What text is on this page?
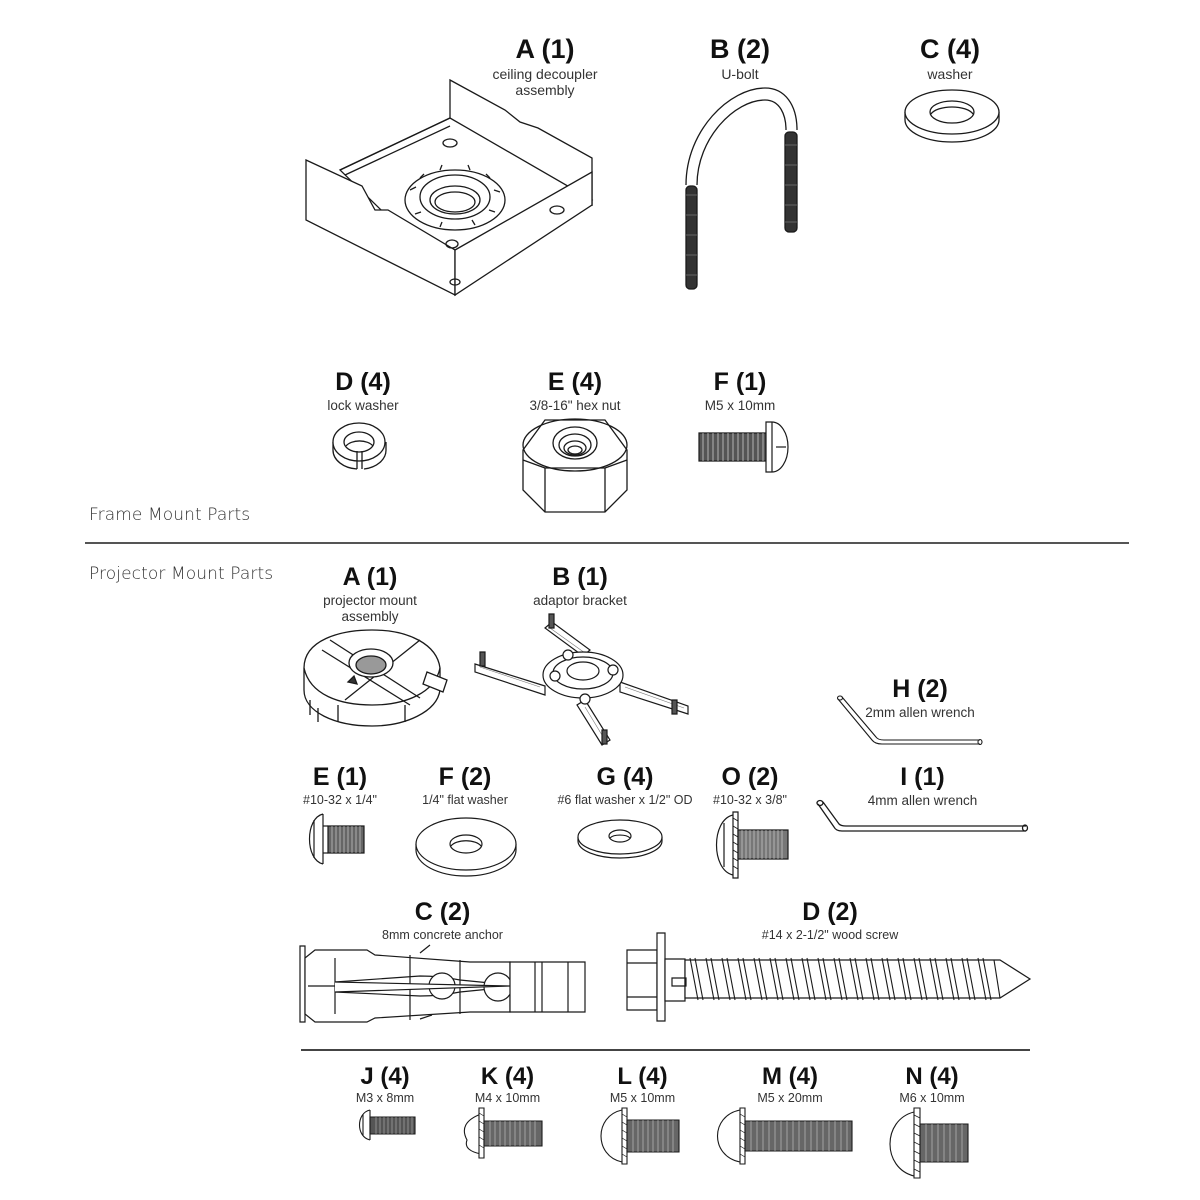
A (1)
ceiling decoupler
assembly
B (2)
U-bolt
C (4)
washer
D (4)
lock washer
E (4)
3/8-16" hex nut
F (1)
M5 x 10mm
Frame Mount Parts
Projector Mount Parts	A (1)
projector mount
assembly
B (1)
adaptor bracket
H (2)
2mm allen wrench
E (1)
#10-32 x 1/4"
F (2)
1/4" flat washer
G (4)
#6 flat washer x 1/2" OD
O (2)
#10-32 x 3/8"
I (1)
4mm allen wrench
C (2)
8mm concrete anchor
D (2)
#14 x 2-1/2" wood screw
J (4)
M3 x 8mm
K (4)
M4 x 10mm
L (4)
M5 x 10mm
M (4)
M5 x 20mm
N (4)
M6 x 10mm
